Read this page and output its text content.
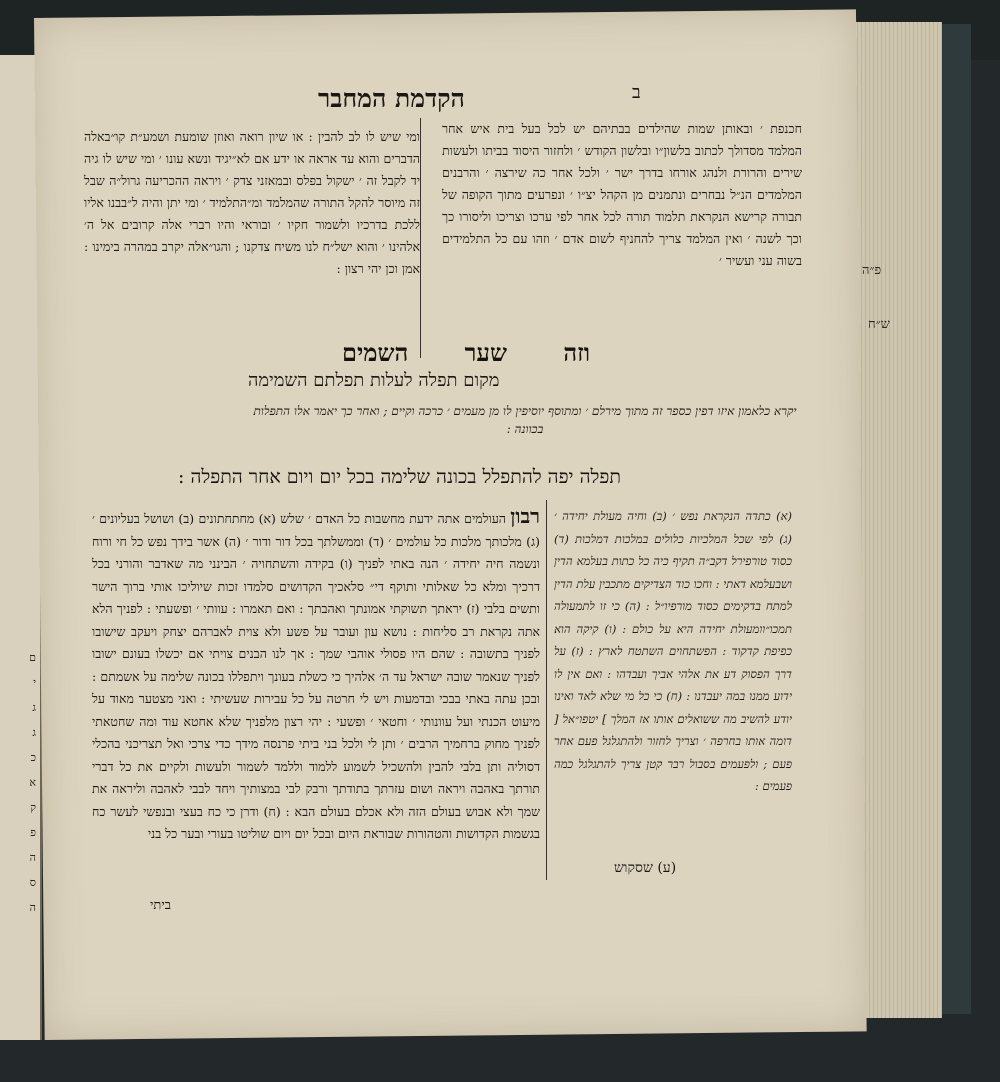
ם
י
ג
ג
כ
א
ק
פ
ה
ס
ה
ב
הקדמת המחבר
חכנפת ׳ ובאותן שמות שהילדים בבתיהם יש לכל בעל בית איש אחר המלמד מסדולך לכתוב בלשון״ו ובלשון הקודש ׳ ולחזור היסוד בביתו ולעשות שירים והרורת ולנהג אורחו בדרך ישר ׳ ולכל אחר כה שירצה ׳ והרבנים המלמדים הנ״ל נבחרים ונתמנים מן הקהל יצ״ו ׳ ונפרעים מתוך הקופה של תבורה קרישא הנקראת תלמוד תורה לכל אחר לפי ערכו וצריכו וליסורו כך וכך לשנה ׳ ואין המלמד צריך להחניף לשום אדם ׳ וזהו עם כל התלמידים בשוה עני ועשיר ׳
ומי שיש לו לב להבין : או שיון רואה ואוזן שומעת ושמע״ת קו״באלה הדברים והוא עד אראה או ידע אם לא״יגיד ונשא עונו ׳ ומי שיש לו גיה יד לקבל זה ׳ ישקול בפלס ובמאזני צדק ׳ ויראה ההכריעה גרול״ה שבל זה מיוסר להקל התורה שהמלמד ומ״התלמיד ׳ ומי יתן והיה ל״בבנו אליו ללכת בדרכיו ולשמור חקיו ׳ ובוראי והיו רברי אלה קרובים אל ה׳ אלהינו ׳ והוא ישל״ח לנו משיח צדקנו ; והגו״אלה יקרב במהרה בימינו : אמן וכן יהי רצון :
וזה שער השמים
מקום תפלה לעלות תפלתם השמימה
יקרא כלאמון איזו דפין כספר זה מתוך מירלם ׳ ומתוסף יוסיפין לו מן מעמים ׳ כרכה וקיים ; ואחר כך יאמר אלו התפלות בכוונה :
תפלה יפה להתפלל בכונה שלימה בכל יום ויום אחר התפלה :
(א) כתדה הנקראת נפש ׳ (ב) וחיה מעולת יחידה ׳ (ג) לפי שכל המלכיות כלולים במלכות דמלכות (ד) כסוד טורפירל דקב״ה תקיף כיה כל כתות בעלמא הדין ושבעלמא דאתי : וחכו כוד הצדיקים מתכבין עלת הדין למתח בדקימים כסוד מורפיו״ל : (ה) כי זו לתמעולה תמכו״וומעולת יחידה היא על כולם : (ו) קיקה הוא כפיפת קדקוד : הפשתחוים השתטח לארץ : (ז) על דרך הפסוק דע את אלהי אביך ועבדהו : ואם אין לו ידוע ממנו במה יעבדנו : (ח) כי כל מי שלא לאד ואינו יודע להשיב מה ששואלים אותו אז המלך ] יטפו״אל [ דומה אותו בחרפה ׳ וצריך לחזור ולהתגלגל פעם אחר פעם ; ולפעמים בסבול רבר קטן צריך להתגלגל כמה פעמים :
רבון העולמים אתה ידעת מחשבות כל האדם ׳ שלש (א) מחתחתונים (ב) ושושל בעליונים ׳ (ג) מלכותך מלכות כל עולמים ׳ (ד) וממשלתך בכל דור ודור ׳ (ה) אשר בידך נפש כל חי ורוח ונשמה חיה יחידה ׳ הנה באתי לפניך (ו) בקידה והשתחויה ׳ הבינני מה שאדבר והורני בכל דרכיך ומלא כל שאלותי ותוקף די״ סלאכיך הקדושים סלמדו זכות שיוליכו אותי ברוך הישר ותשים בלבי (ז) יראתך תשוקתי אמונתך ואהבתך : ואם תאמרו : עוותי ׳ ופשעתי : לפניך הלא אתה נקראת רב סליחות : נושא עון ועובר על פשע ולא צוית לאברהם יצחק ויעקב שישובו לפניך בתשובה : שהם היו פסולי אוהבי שמך : אך לנו הבנים צויתי אם יכשלו בעונם ישובו לפניך שנאמר שובה ישראל עד ה׳ אלהיך כי כשלת בעונך ויתפללו בכונה שלימה על אשמתם : ובכן עתה באתי בבכי ובדמעות ויש לי חרטה על כל עבירות שעשיתי : ואני מצטער מאוד על מיעוט הכנתי ועל עוונותי ׳ וחטאי ׳ ופשעי : יהי רצון מלפניך שלא אחטא עוד ומה שחטאתי לפניך מחוק ברחמיך הרבים ׳ ותן לי ולכל בני ביתי פרנסה מידך כדי צרכי ואל תצריכני בהכלי דסוליה ותן בלבי להבין ולהשכיל לשמוע ללמוד וללמד לשמור ולעשות ולקיים את כל דברי תורתך באהבה ויראה ושום עזרתך בתודתך ורבק לבי במצותיך ויחד לבבי לאהבה וליראה את שמך ולא אבוש בעולם הזה ולא אכלם בעולם הבא : (ח) ודרן כי כח בעצי ובנפשי לעשר כח בגשמות הקדושות והטהורות שבוראת היום ובכל יום ויום שוליטו בעורי ובער כל בני
(ע) שסקוש
ביתי
פ״ה
ש״ח
